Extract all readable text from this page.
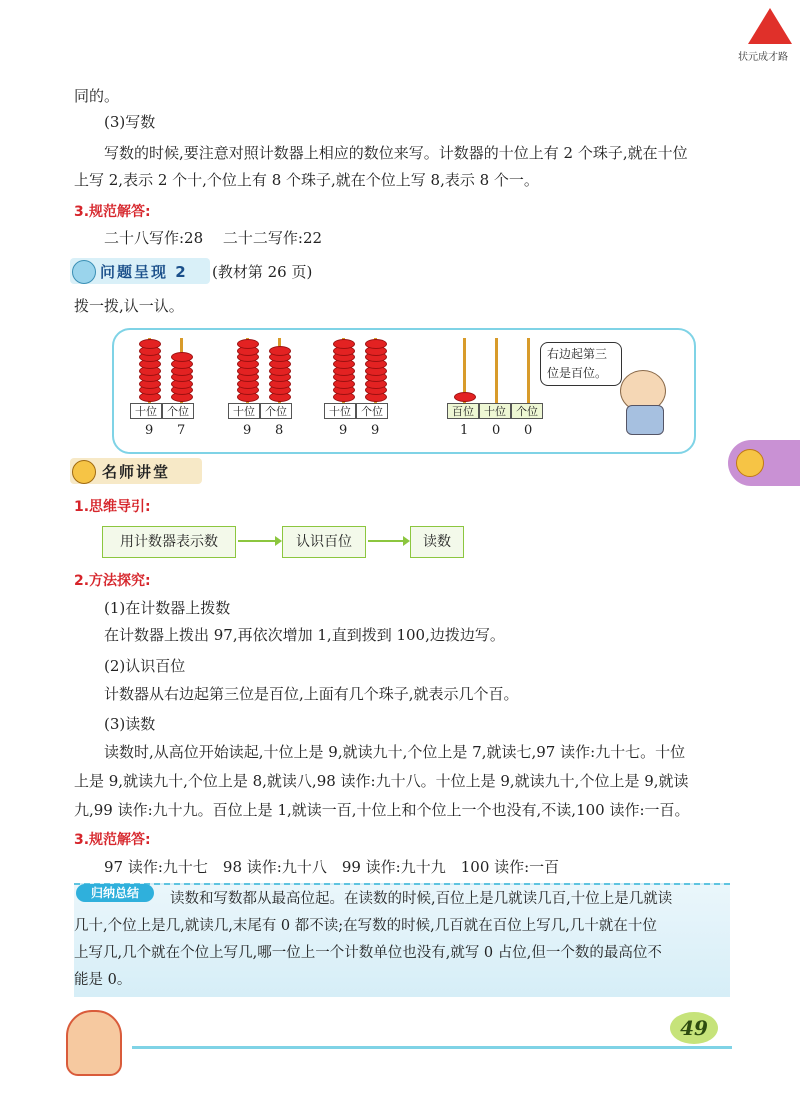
状元成才路
同的。
(3)写数
写数的时候,要注意对照计数器上相应的数位来写。计数器的十位上有 2 个珠子,就在十位
上写 2,表示 2 个十,个位上有 8 个珠子,就在个位上写 8,表示 8 个一。
3.规范解答:
二十八写作:28　 二十二写作:22
问题呈现 2 (教材第 26 页)
拨一拨,认一认。
十位 个位
9 7
十位 个位
9 8
十位 个位
9 9
百位 十位 个位
1 0 0
右边起第三位是百位。
名师讲堂
1.思维导引:
用计数器表示数	认识百位	读数
2.方法探究:
(1)在计数器上拨数
在计数器上拨出 97,再依次增加 1,直到拨到 100,边拨边写。
(2)认识百位
计数器从右边起第三位是百位,上面有几个珠子,就表示几个百。
(3)读数
读数时,从高位开始读起,十位上是 9,就读九十,个位上是 7,就读七,97 读作:九十七。十位
上是 9,就读九十,个位上是 8,就读八,98 读作:九十八。十位上是 9,就读九十,个位上是 9,就读
九,99 读作:九十九。百位上是 1,就读一百,十位上和个位上一个也没有,不读,100 读作:一百。
3.规范解答:
97 读作:九十七　98 读作:九十八　99 读作:九十九　100 读作:一百
读数和写数都从最高位起。在读数的时候,百位上是几就读几百,十位上是几就读
几十,个位上是几,就读几,末尾有 0 都不读;在写数的时候,几百就在百位上写几,几十就在十位
上写几,几个就在个位上写几,哪一位上一个计数单位也没有,就写 0 占位,但一个数的最高位不
能是 0。
归纳总结
49
